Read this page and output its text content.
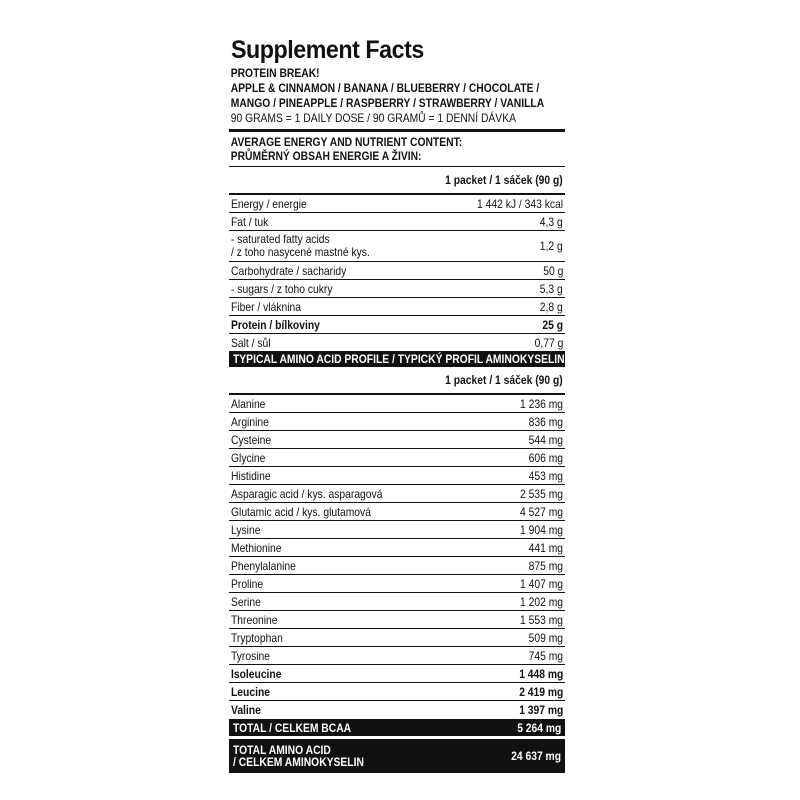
Supplement Facts
PROTEIN BREAK!
APPLE & CINNAMON / BANANA / BLUEBERRY / CHOCOLATE /
MANGO / PINEAPPLE / RASPBERRY / STRAWBERRY / VANILLA
90 GRAMS = 1 DAILY DOSE / 90 GRAMŮ = 1 DENNÍ DÁVKA
AVERAGE ENERGY AND NUTRIENT CONTENT:
PRŮMĚRNÝ OBSAH ENERGIE A ŽIVIN:
1 packet / 1 sáček (90 g)
Energy / energie	1 442 kJ / 343 kcal
Fat / tuk	4,3 g
- saturated fatty acids
/ z toho nasycené mastné kys.	1,2 g
Carbohydrate / sacharidy	50 g
- sugars / z toho cukry	5,3 g
Fiber / vláknina	2,8 g
Protein / bílkoviny	25 g
Salt / sůl	0,77 g
TYPICAL AMINO ACID PROFILE / TYPICKÝ PROFIL AMINOKYSELIN:
1 packet / 1 sáček (90 g)
Alanine	1 236 mg
Arginine	836 mg
Cysteine	544 mg
Glycine	606 mg
Histidine	453 mg
Asparagic acid / kys. asparagová	2 535 mg
Glutamic acid / kys. glutamová	4 527 mg
Lysine	1 904 mg
Methionine	441 mg
Phenylalanine	875 mg
Proline	1 407 mg
Serine	1 202 mg
Threonine	1 553 mg
Tryptophan	509 mg
Tyrosine	745 mg
Isoleucine	1 448 mg
Leucine	2 419 mg
Valine	1 397 mg
TOTAL / CELKEM BCAA	5 264 mg
TOTAL AMINO ACID
/ CELKEM AMINOKYSELIN	24 637 mg
